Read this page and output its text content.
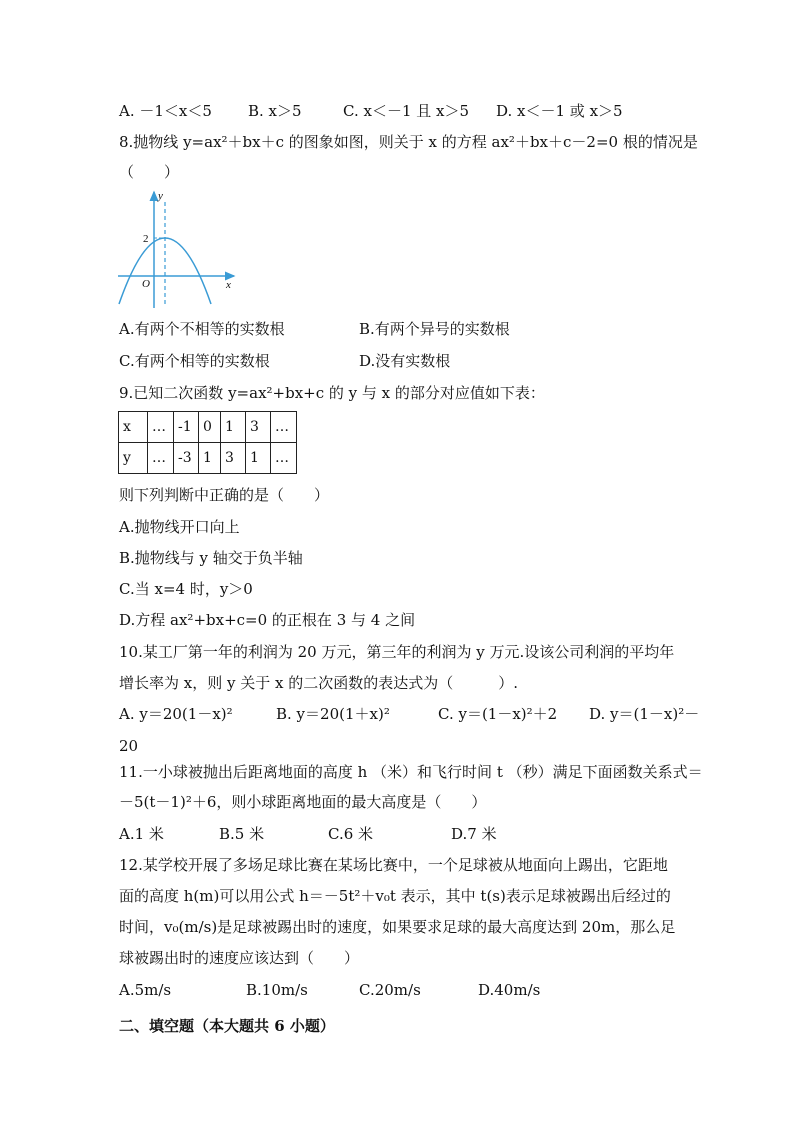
A. －1＜x＜5 B. x＞5	C. x＜－1 且 x＞5 D. x＜－1 或 x＞5
8.抛物线 y=ax²＋bx＋c 的图象如图，则关于 x 的方程 ax²＋bx＋c－2=0 根的情况是
（　　）
y
x
O
2
A.有两个不相等的实数根	B.有两个异号的实数根
C.有两个相等的实数根	D.没有实数根
9.已知二次函数 y=ax²+bx+c 的 y 与 x 的部分对应值如下表：
x	…	-1	0	1	3	…
y	…	-3	1	3	1	…
则下列判断中正确的是（　　）
A.抛物线开口向上
B.抛物线与 y 轴交于负半轴
C.当 x=4 时，y＞0
D.方程 ax²+bx+c=0 的正根在 3 与 4 之间
10.某工厂第一年的利润为 20 万元，第三年的利润为 y 万元.设该公司利润的平均年
增长率为 x，则 y 关于 x 的二次函数的表达式为（　　　）.
A. y＝20(1－x)²	B. y＝20(1＋x)²	C. y＝(1－x)²＋2 D. y＝(1－x)²－
20
11.一小球被抛出后距离地面的高度 h （米）和飞行时间 t （秒）满足下面函数关系式＝
－5(t－1)²＋6，则小球距离地面的最大高度是（　　）
A.1 米	B.5 米	C.6 米	D.7 米
12.某学校开展了多场足球比赛在某场比赛中，一个足球被从地面向上踢出，它距地
面的高度 h(m)可以用公式 h＝－5t²＋v₀t 表示，其中 t(s)表示足球被踢出后经过的
时间，v₀(m/s)是足球被踢出时的速度，如果要求足球的最大高度达到 20m，那么足
球被踢出时的速度应该达到（　　）
A.5m/s	B.10m/s	C.20m/s	D.40m/s
二、填空题（本大题共 6 小题）
